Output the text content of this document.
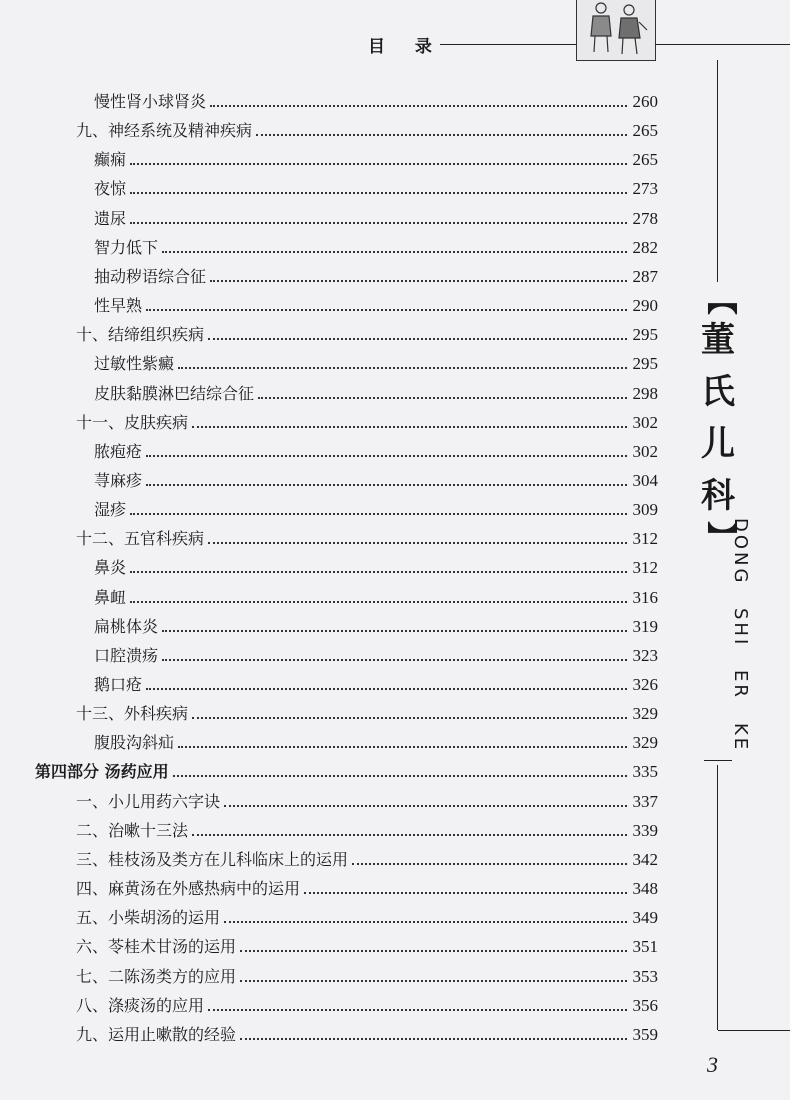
目 录
慢性肾小球肾炎	260
九、神经系统及精神疾病	265
癫痫	265
夜惊	273
遗尿	278
智力低下	282
抽动秽语综合征	287
性早熟	290
十、结缔组织疾病	295
过敏性紫癜	295
皮肤黏膜淋巴结综合征	298
十一、皮肤疾病	302
脓疱疮	302
荨麻疹	304
湿疹	309
十二、五官科疾病	312
鼻炎	312
鼻衄	316
扁桃体炎	319
口腔溃疡	323
鹅口疮	326
十三、外科疾病	329
腹股沟斜疝	329
第四部分 汤药应用	335
一、小儿用药六字诀	337
二、治嗽十三法	339
三、桂枝汤及类方在儿科临床上的运用	342
四、麻黄汤在外感热病中的运用	348
五、小柴胡汤的运用	349
六、苓桂术甘汤的运用	351
七、二陈汤类方的应用	353
八、涤痰汤的应用	356
九、运用止嗽散的经验	359
【
董
氏
儿
科
】
DONG SHI ER KE
3
